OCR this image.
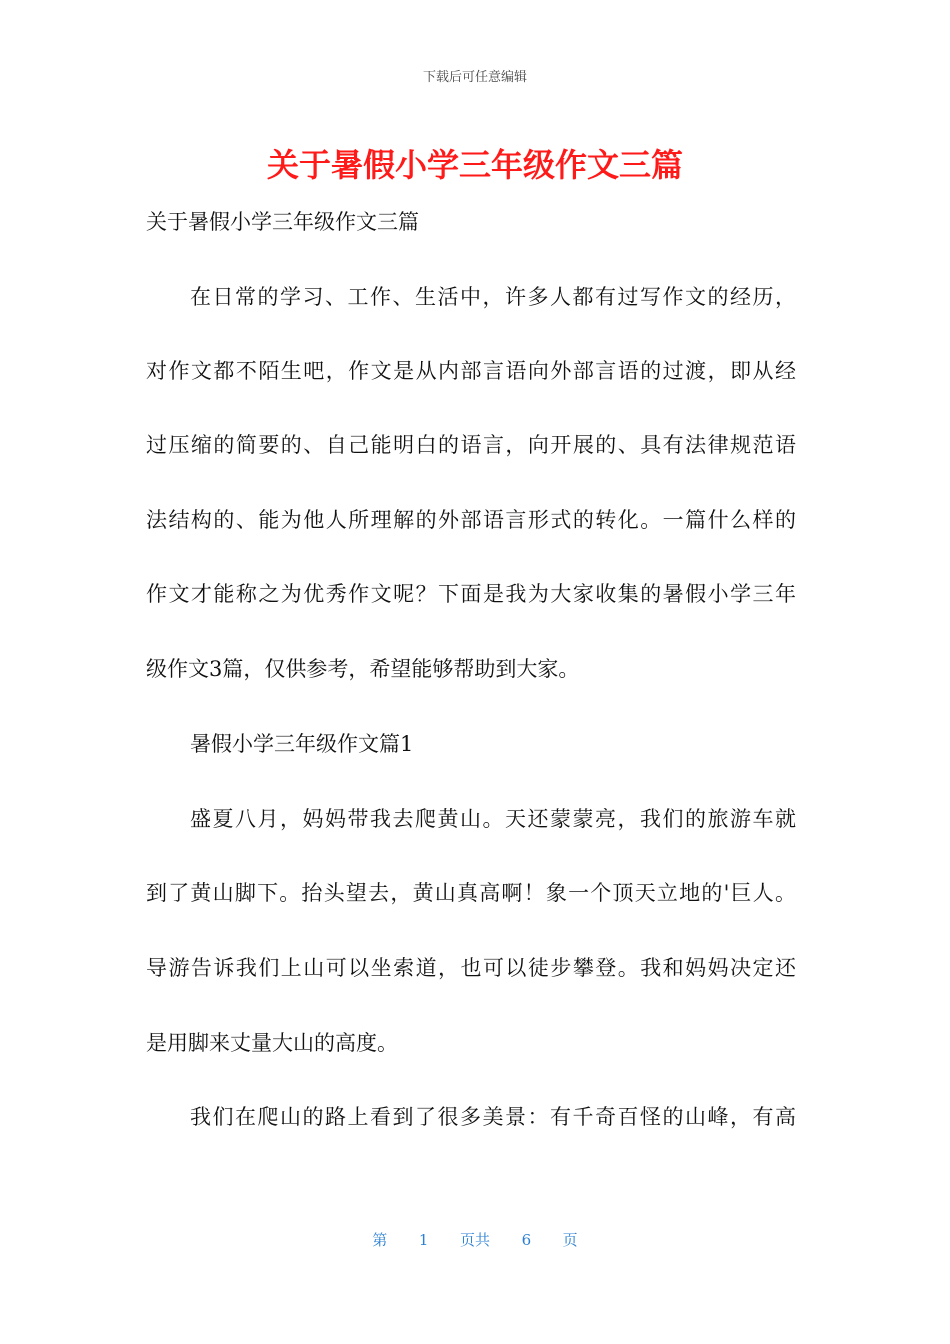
下载后可任意编辑
关于暑假小学三年级作文三篇
关于暑假小学三年级作文三篇
在日常的学习、工作、生活中，许多人都有过写作文的经历，
对作文都不陌生吧，作文是从内部言语向外部言语的过渡，即从经
过压缩的简要的、自己能明白的语言，向开展的、具有法律规范语
法结构的、能为他人所理解的外部语言形式的转化。一篇什么样的
作文才能称之为优秀作文呢？下面是我为大家收集的暑假小学三年
级作文3篇，仅供参考，希望能够帮助到大家。
暑假小学三年级作文篇1
盛夏八月，妈妈带我去爬黄山。天还蒙蒙亮，我们的旅游车就
到了黄山脚下。抬头望去，黄山真高啊！象一个顶天立地的'巨人。
导游告诉我们上山可以坐索道，也可以徒步攀登。我和妈妈决定还
是用脚来丈量大山的高度。
我们在爬山的路上看到了很多美景：有千奇百怪的山峰，有高
第 1 页共 6 页
